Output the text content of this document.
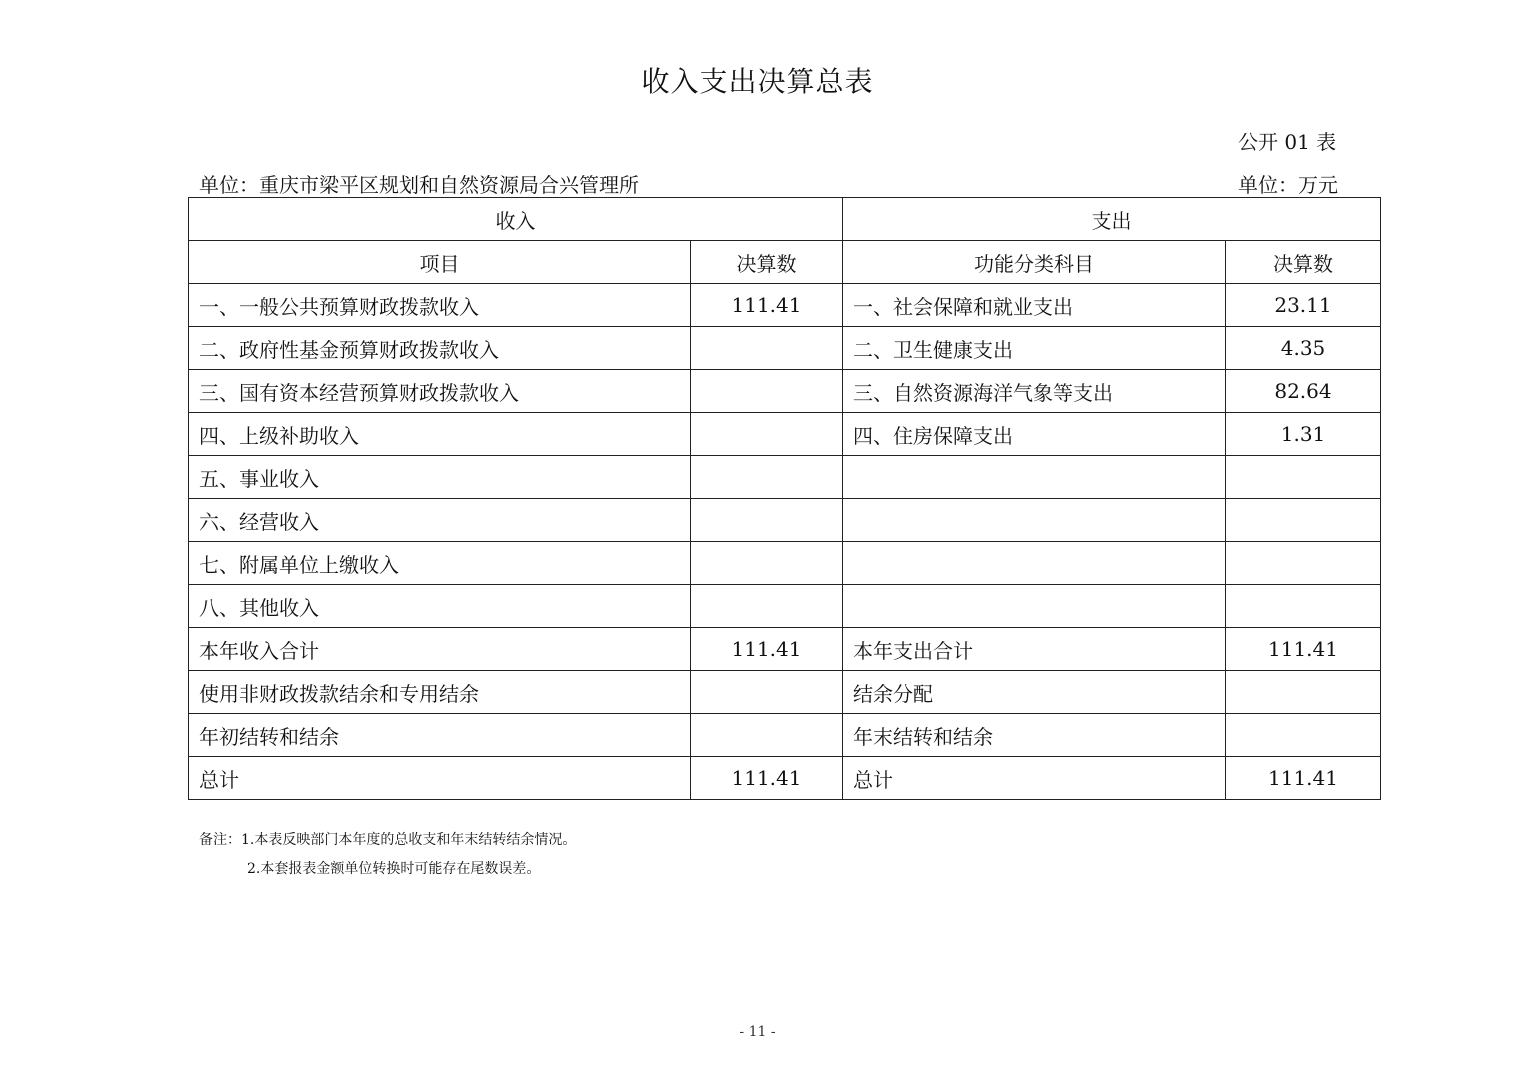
收入支出决算总表
公开 01 表
单位：重庆市梁平区规划和自然资源局合兴管理所	单位：万元
收入		支出	
项目	决算数	功能分类科目	决算数
一、一般公共预算财政拨款收入	111.41	一、社会保障和就业支出	23.11
二、政府性基金预算财政拨款收入		二、卫生健康支出	4.35
三、国有资本经营预算财政拨款收入		三、自然资源海洋气象等支出	82.64
四、上级补助收入		四、住房保障支出	1.31
五、事业收入			
六、经营收入			
七、附属单位上缴收入			
八、其他收入			
本年收入合计	111.41	本年支出合计	111.41
使用非财政拨款结余和专用结余		结余分配	
年初结转和结余		年末结转和结余	
总计	111.41	总计	111.41
备注：1.本表反映部门本年度的总收支和年末结转结余情况。
2.本套报表金额单位转换时可能存在尾数误差。
- 11 -
